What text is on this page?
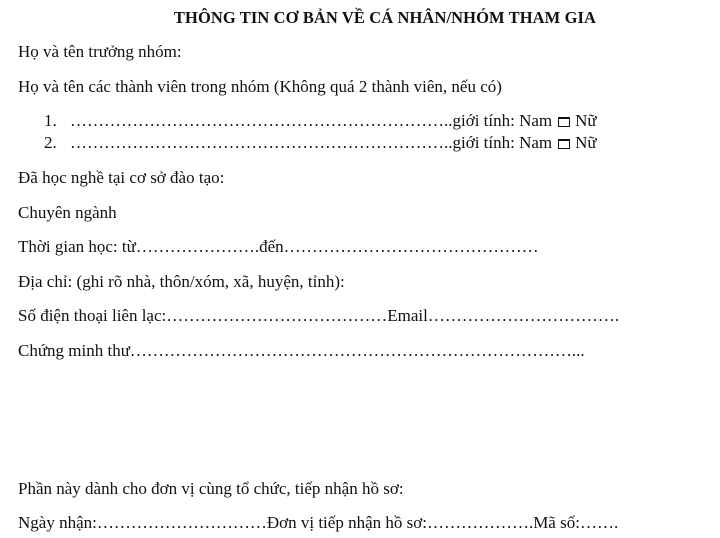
THÔNG TIN CƠ BẢN VỀ CÁ NHÂN/NHÓM THAM GIA
Họ và tên trưởng nhóm:
Họ và tên các thành viên trong nhóm (Không quá 2 thành viên, nếu có)
1. …………………………………………………………..giới tính: Nam Nữ
2. …………………………………………………………..giới tính: Nam Nữ
Đã học nghề tại cơ sở đào tạo:
Chuyên ngành
Thời gian học: từ………………….đến………………………………………
Địa chỉ: (ghi rõ nhà, thôn/xóm, xã, huyện, tỉnh):
Số điện thoại liên lạc:…………………………………Email…………………………….
Chứng minh thư……………………………………………………………………...
Phần này dành cho đơn vị cùng tổ chức, tiếp nhận hồ sơ:
Ngày nhận:…………………………Đơn vị tiếp nhận hồ sơ:……………….Mã số:…….
